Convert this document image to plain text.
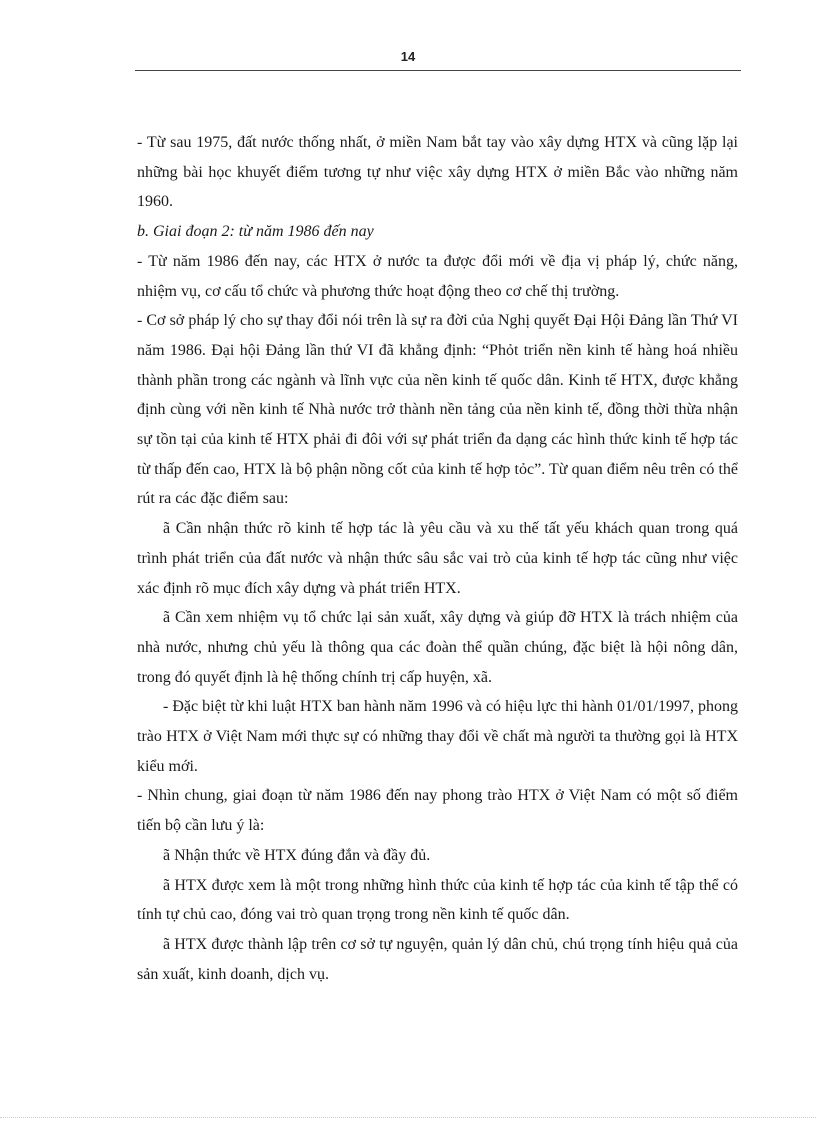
14

- Từ sau 1975, đất nước thống nhất, ở miền Nam bắt tay vào xây dựng HTX và cũng lặp lại những bài học khuyết điểm tương tự như việc xây dựng HTX ở miền Bắc vào những năm 1960.

b. Giai đoạn 2: từ năm 1986 đến nay

- Từ năm 1986 đến nay, các HTX ở nước ta được đổi mới về địa vị pháp lý, chức năng, nhiệm vụ, cơ cấu tổ chức và phương thức hoạt động theo cơ chế thị trường.

- Cơ sở pháp lý cho sự thay đổi nói trên là sự ra đời của Nghị quyết Đại Hội Đảng lần Thứ VI năm 1986. Đại hội Đảng lần thứ VI đã khẳng định: “Phỏt triển nền kinh tế hàng hoá nhiều thành phần trong các ngành và lĩnh vực của nền kinh tế quốc dân. Kinh tế HTX, được khẳng định cùng với nền kinh tế Nhà nước trở thành nền tảng của nền kinh tế, đồng thời thừa nhận sự tồn tại của kinh tế HTX phải đi đôi với sự phát triển đa dạng các hình thức kinh tế hợp tác từ thấp đến cao, HTX là bộ phận nồng cốt của kinh tế hợp tỏc”. Từ quan điểm nêu trên có thể rút ra các đặc điểm sau:

ã Cần nhận thức rõ kinh tế hợp tác là yêu cầu và xu thế tất yếu khách quan trong quá trình phát triển của đất nước và nhận thức sâu sắc vai trò của kinh tế hợp tác cũng như việc xác định rõ mục đích xây dựng và phát triển HTX.

ã Cần xem nhiệm vụ tổ chức lại sản xuất, xây dựng và giúp đỡ HTX là trách nhiệm của nhà nước, nhưng chủ yếu là thông qua các đoàn thể quần chúng, đặc biệt là hội nông dân, trong đó quyết định là hệ thống chính trị cấp huyện, xã.

- Đặc biệt từ khi luật HTX ban hành năm 1996 và có hiệu lực thi hành 01/01/1997, phong trào HTX ở Việt Nam mới thực sự có những thay đổi về chất mà người ta thường gọi là HTX kiểu mới.

- Nhìn chung, giai đoạn từ năm 1986 đến nay phong trào HTX ở Việt Nam có một số điểm tiến bộ cần lưu ý là:

ã Nhận thức về HTX đúng đắn và đầy đủ.

ã HTX được xem là một trong những hình thức của kinh tế hợp tác của kinh tế tập thể có tính tự chủ cao, đóng vai trò quan trọng trong nền kinh tế quốc dân.

ã HTX được thành lập trên cơ sở tự nguyện, quản lý dân chủ, chú trọng tính hiệu quả của sản xuất, kinh doanh, dịch vụ.
